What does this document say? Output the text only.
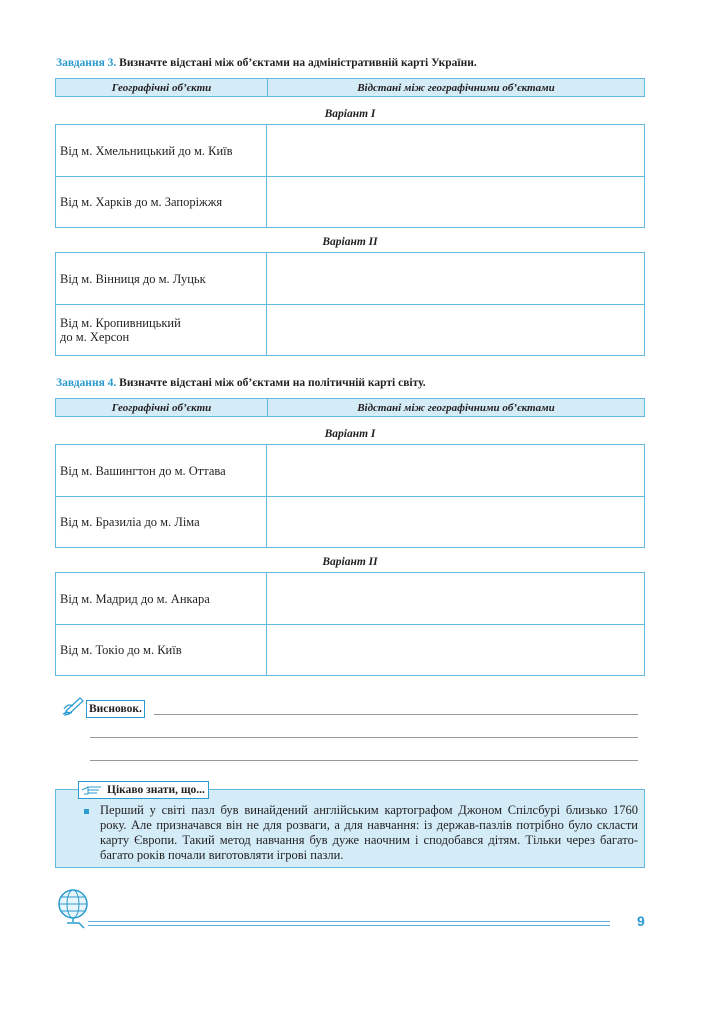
Завдання 3. Визначте відстані між об’єктами на адміністративній карті України.
Географічні об’єкти	Відстані між географічними об’єктами
Варіант І
Від м. Хмельницький до м. Київ
Від м. Харків до м. Запоріжжя
Варіант ІІ
Від м. Вінниця до м. Луцьк
Від м. Кропивницький
до м. Херсон
Завдання 4. Визначте відстані між об’єктами на політичній карті світу.
Географічні об’єкти	Відстані між географічними об’єктами
Варіант І
Від м. Вашингтон до м. Оттава
Від м. Бразиліа до м. Ліма
Варіант ІІ
Від м. Мадрид до м. Анкара
Від м. Токіо до м. Київ
Висновок.
Цікаво знати, що...
Перший у світі пазл був винайдений англійським картографом Джоном Спілсбурі близько 1760 року. Але призначався він не для розваги, а для навчання: із держав-пазлів потрібно було скласти карту Європи. Такий метод навчання був дуже наочним і сподобався дітям. Тільки через багато-багато років почали виготовляти ігрові пазли.
9
